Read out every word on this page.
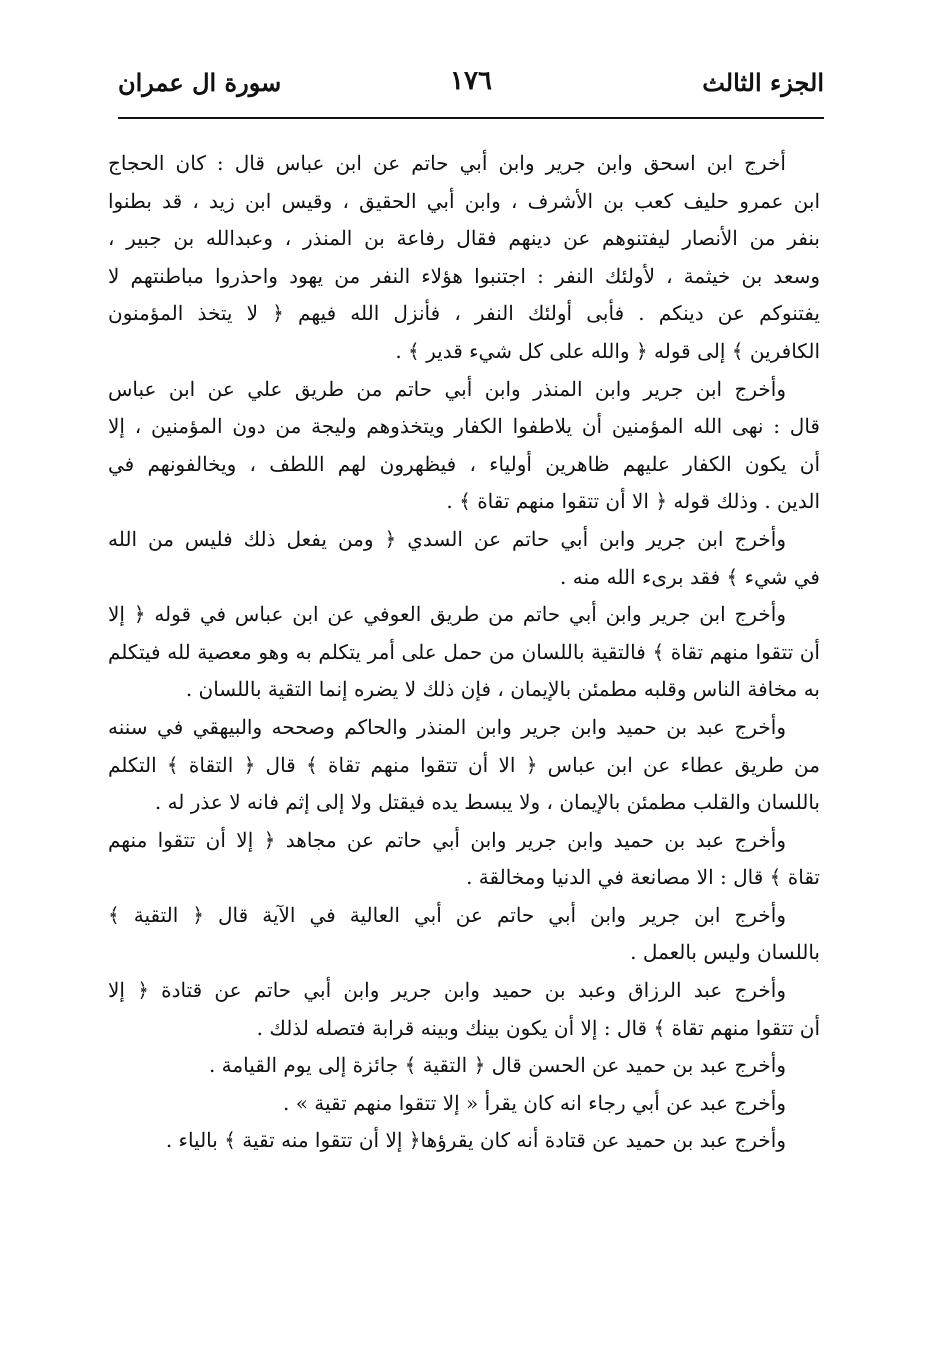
الجزء الثالث
١٧٦
سورة ال عمران
أخرج ابن اسحق وابن جرير وابن أبي حاتم عن ابن عباس قال : كان الحجاج
ابن عمرو حليف كعب بن الأشرف ، وابن أبي الحقيق ، وقيس ابن زيد ، قد بطنوا
بنفر من الأنصار ليفتنوهم عن دينهم فقال رفاعة بن المنذر ، وعبدالله بن جبير ،
وسعد بن خيثمة ، لأولئك النفر : اجتنبوا هؤلاء النفر من يهود واحذروا مباطنتهم لا
يفتنوكم عن دينكم . فأبى أولئك النفر ، فأنزل الله فيهم ﴿ لا يتخذ المؤمنون
الكافرين ﴾ إلى قوله ﴿ والله على كل شيء قدير ﴾ .
وأخرج ابن جرير وابن المنذر وابن أبي حاتم من طريق علي عن ابن عباس
قال : نهى الله المؤمنين أن يلاطفوا الكفار ويتخذوهم وليجة من دون المؤمنين ، إلا
أن يكون الكفار عليهم ظاهرين أولياء ، فيظهرون لهم اللطف ، ويخالفونهم في
الدين . وذلك قوله ﴿ الا أن تتقوا منهم تقاة ﴾ .
وأخرج ابن جرير وابن أبي حاتم عن السدي ﴿ ومن يفعل ذلك فليس من الله
في شيء ﴾ فقد برىء الله منه .
وأخرج ابن جرير وابن أبي حاتم من طريق العوفي عن ابن عباس في قوله ﴿ إلا
أن تتقوا منهم تقاة ﴾ فالتقية باللسان من حمل على أمر يتكلم به وهو معصية لله فيتكلم
به مخافة الناس وقلبه مطمئن بالإيمان ، فإن ذلك لا يضره إنما التقية باللسان .
وأخرج عبد بن حميد وابن جرير وابن المنذر والحاكم وصححه والبيهقي في سننه
من طريق عطاء عن ابن عباس ﴿ الا أن تتقوا منهم تقاة ﴾ قال ﴿ التقاة ﴾ التكلم
باللسان والقلب مطمئن بالإيمان ، ولا يبسط يده فيقتل ولا إلى إثم فانه لا عذر له .
وأخرج عبد بن حميد وابن جرير وابن أبي حاتم عن مجاهد ﴿ إلا أن تتقوا منهم
تقاة ﴾ قال : الا مصانعة في الدنيا ومخالقة .
وأخرج ابن جرير وابن أبي حاتم عن أبي العالية في الآية قال ﴿ التقية ﴾
باللسان وليس بالعمل .
وأخرج عبد الرزاق وعبد بن حميد وابن جرير وابن أبي حاتم عن قتادة ﴿ إلا
أن تتقوا منهم تقاة ﴾ قال : إلا أن يكون بينك وبينه قرابة فتصله لذلك .
وأخرج عبد بن حميد عن الحسن قال ﴿ التقية ﴾ جائزة إلى يوم القيامة .
وأخرج عبد عن أبي رجاء انه كان يقرأ « إلا تتقوا منهم تقية » .
وأخرج عبد بن حميد عن قتادة أنه كان يقرؤها﴿ إلا أن تتقوا منه تقية ﴾ بالياء .
